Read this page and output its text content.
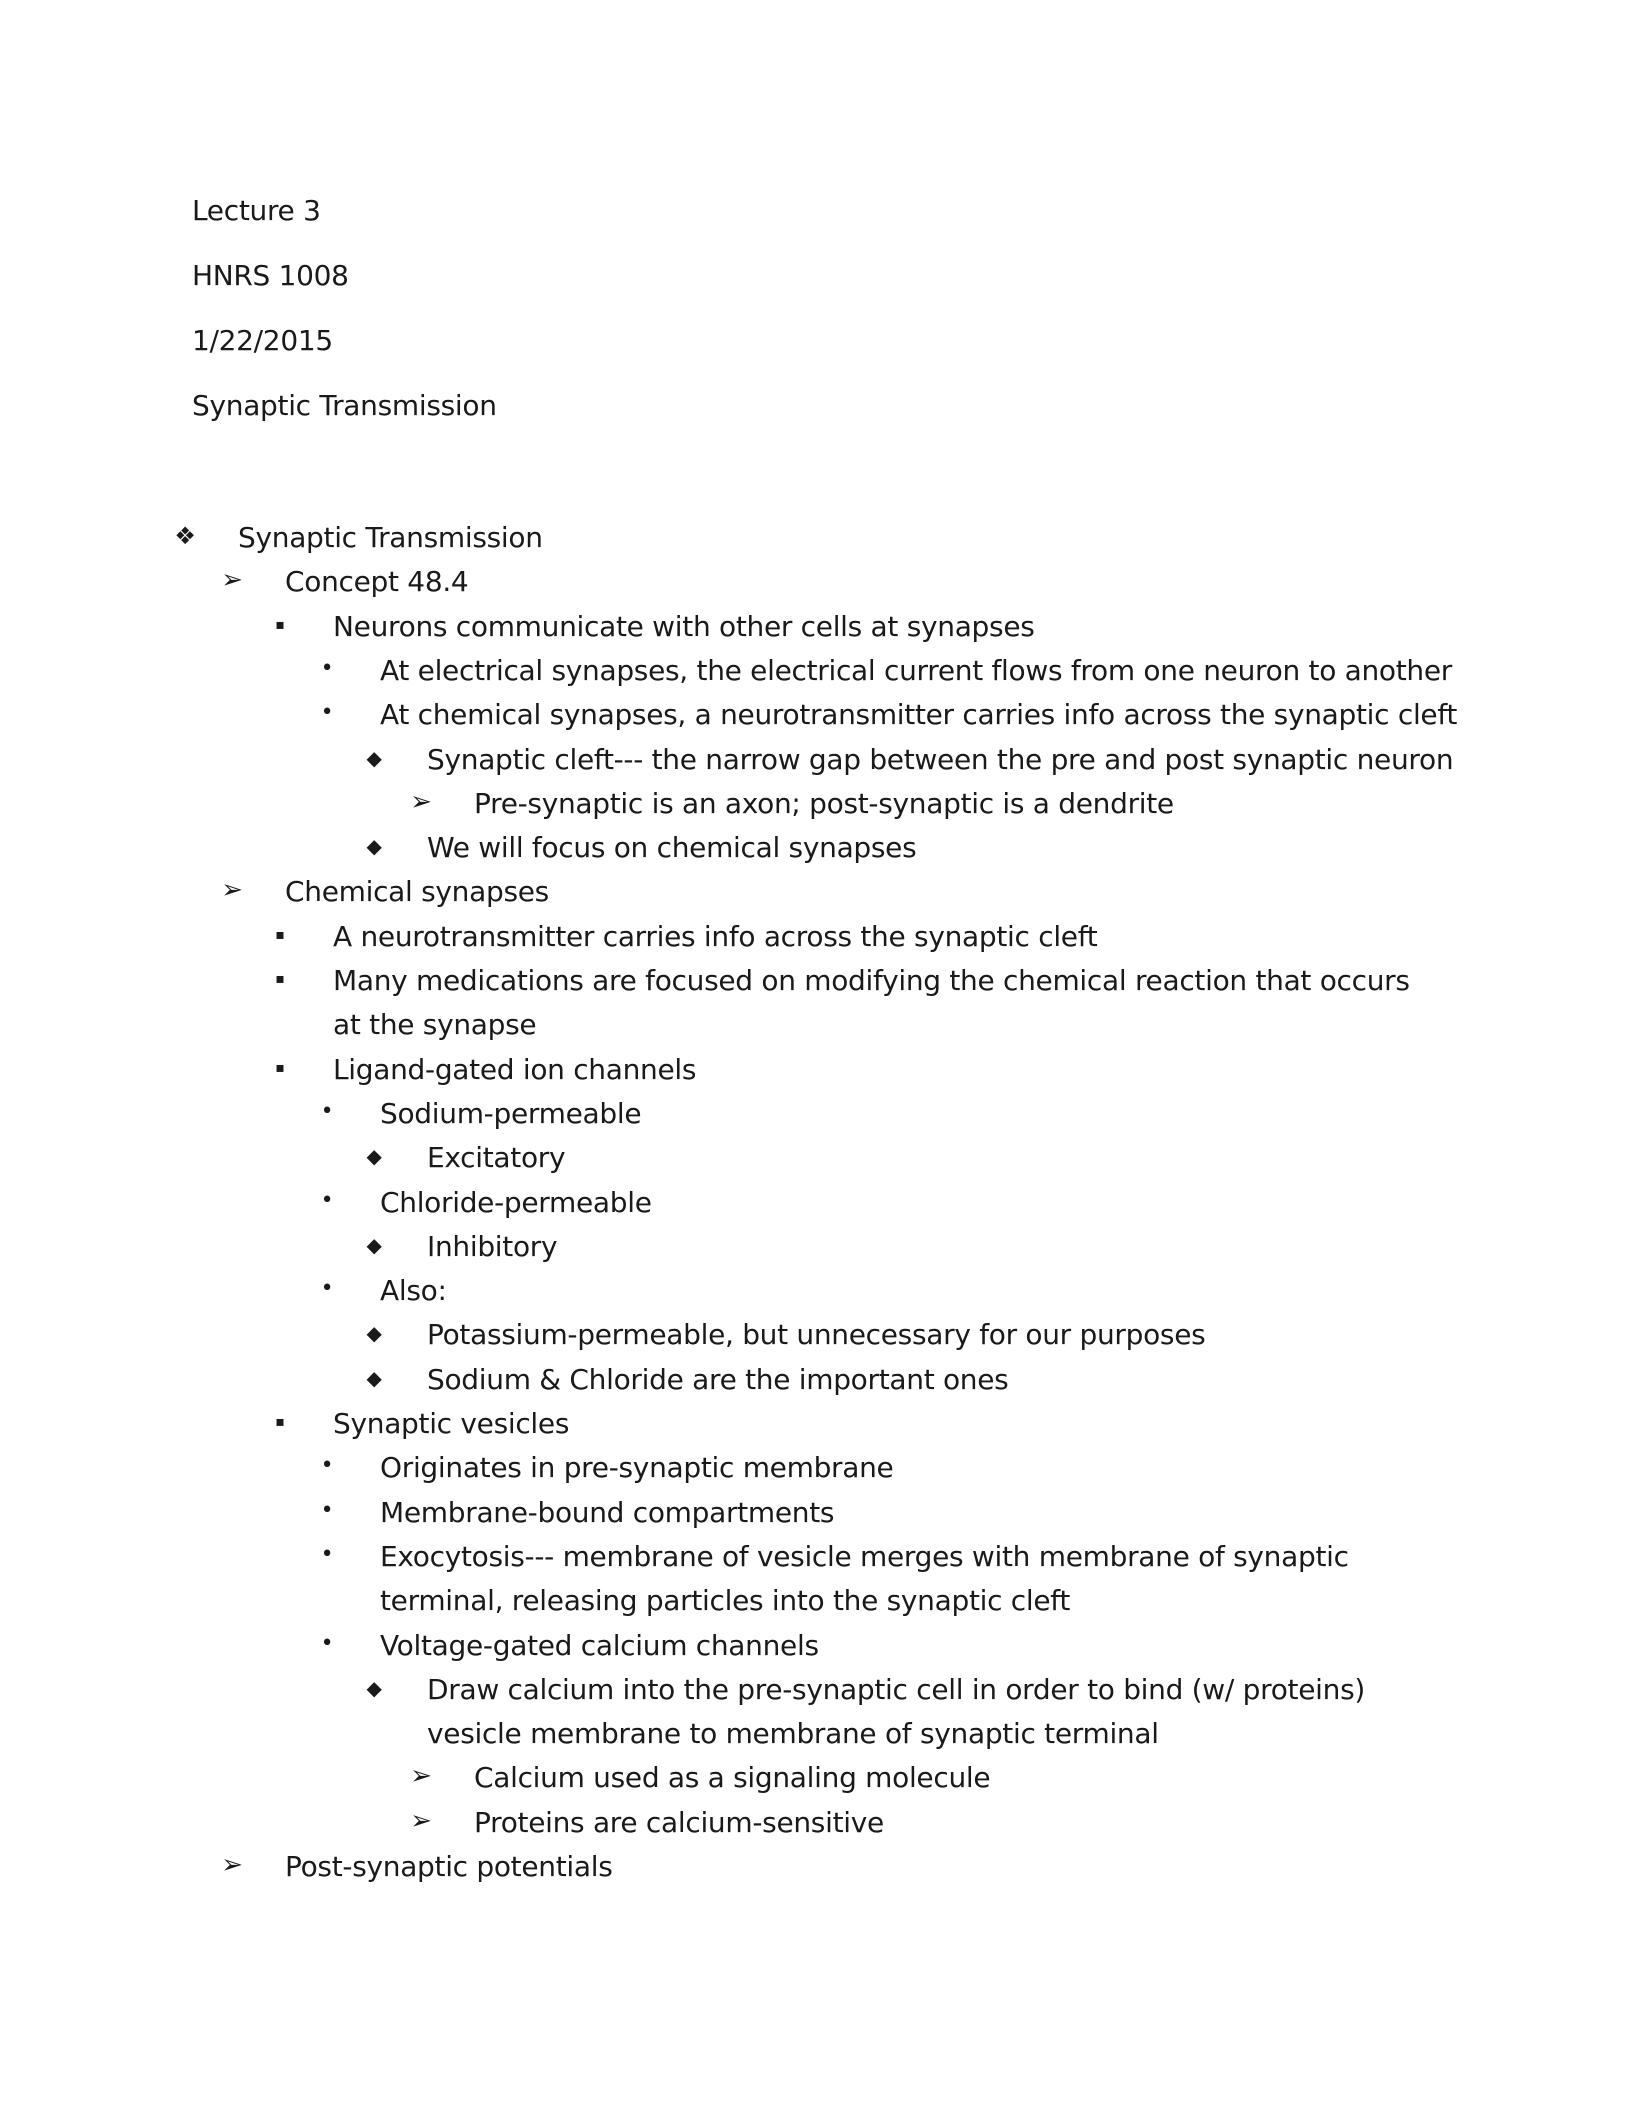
Lecture 3
HNRS 1008
1/22/2015
Synaptic Transmission
❖	Synaptic Transmission
➢	Concept 48.4
▪	Neurons communicate with other cells at synapses
•	At electrical synapses, the electrical current flows from one neuron to another
•	At chemical synapses, a neurotransmitter carries info across the synaptic cleft
◆	Synaptic cleft--- the narrow gap between the pre and post synaptic neuron
➢	Pre-synaptic is an axon; post-synaptic is a dendrite
◆	We will focus on chemical synapses
➢	Chemical synapses
▪	A neurotransmitter carries info across the synaptic cleft
▪	Many medications are focused on modifying the chemical reaction that occurs at the synapse
▪	Ligand-gated ion channels
•	Sodium-permeable
◆	Excitatory
•	Chloride-permeable
◆	Inhibitory
•	Also:
◆	Potassium-permeable, but unnecessary for our purposes
◆	Sodium & Chloride are the important ones
▪	Synaptic vesicles
•	Originates in pre-synaptic membrane
•	Membrane-bound compartments
•	Exocytosis--- membrane of vesicle merges with membrane of synaptic terminal, releasing particles into the synaptic cleft
•	Voltage-gated calcium channels
◆	Draw calcium into the pre-synaptic cell in order to bind (w/ proteins) vesicle membrane to membrane of synaptic terminal
➢	Calcium used as a signaling molecule
➢	Proteins are calcium-sensitive
➢	Post-synaptic potentials
